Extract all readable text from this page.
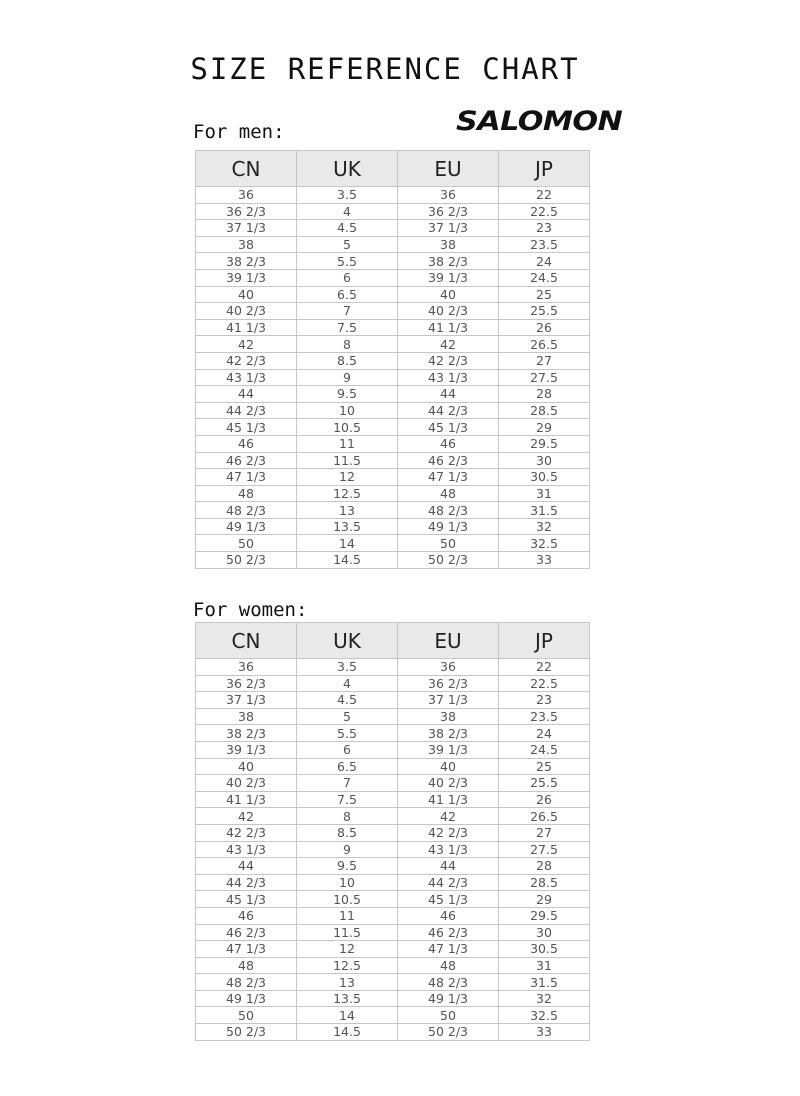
SIZE REFERENCE CHART
SALOMON
For men:
CN	UK	EU	JP
36	3.5	36	22
36 2/3	4	36 2/3	22.5
37 1/3	4.5	37 1/3	23
38	5	38	23.5
38 2/3	5.5	38 2/3	24
39 1/3	6	39 1/3	24.5
40	6.5	40	25
40 2/3	7	40 2/3	25.5
41 1/3	7.5	41 1/3	26
42	8	42	26.5
42 2/3	8.5	42 2/3	27
43 1/3	9	43 1/3	27.5
44	9.5	44	28
44 2/3	10	44 2/3	28.5
45 1/3	10.5	45 1/3	29
46	11	46	29.5
46 2/3	11.5	46 2/3	30
47 1/3	12	47 1/3	30.5
48	12.5	48	31
48 2/3	13	48 2/3	31.5
49 1/3	13.5	49 1/3	32
50	14	50	32.5
50 2/3	14.5	50 2/3	33
For women:
CN	UK	EU	JP
36	3.5	36	22
36 2/3	4	36 2/3	22.5
37 1/3	4.5	37 1/3	23
38	5	38	23.5
38 2/3	5.5	38 2/3	24
39 1/3	6	39 1/3	24.5
40	6.5	40	25
40 2/3	7	40 2/3	25.5
41 1/3	7.5	41 1/3	26
42	8	42	26.5
42 2/3	8.5	42 2/3	27
43 1/3	9	43 1/3	27.5
44	9.5	44	28
44 2/3	10	44 2/3	28.5
45 1/3	10.5	45 1/3	29
46	11	46	29.5
46 2/3	11.5	46 2/3	30
47 1/3	12	47 1/3	30.5
48	12.5	48	31
48 2/3	13	48 2/3	31.5
49 1/3	13.5	49 1/3	32
50	14	50	32.5
50 2/3	14.5	50 2/3	33
